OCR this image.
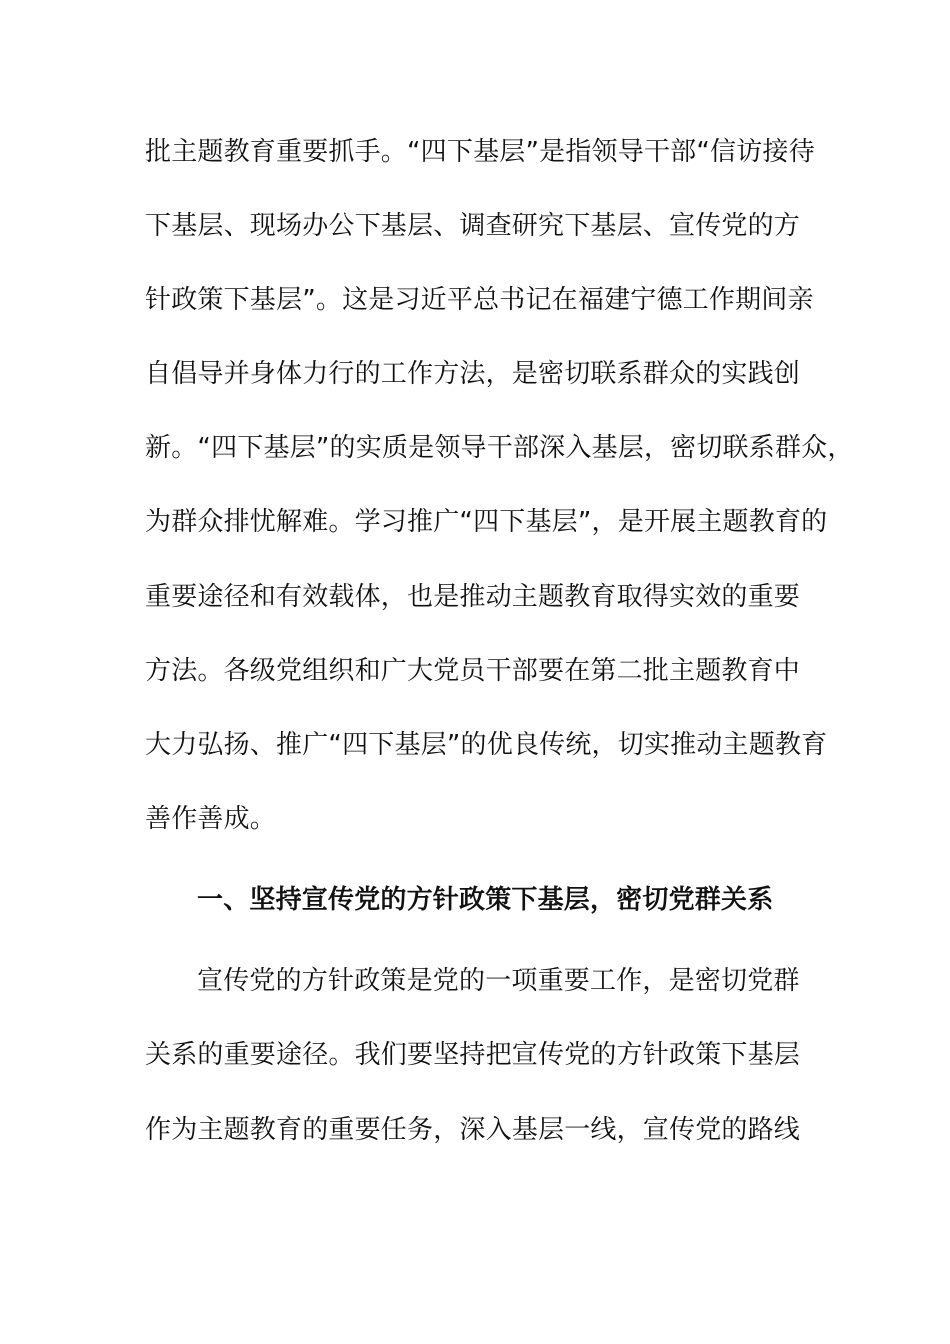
批主题教育重要抓手。“四下基层”是指领导干部“信访接待
下基层、现场办公下基层、调查研究下基层、宣传党的方
针政策下基层”。这是习近平总书记在福建宁德工作期间亲
自倡导并身体力行的工作方法，是密切联系群众的实践创
新。“四下基层”的实质是领导干部深入基层，密切联系群众，
为群众排忧解难。学习推广“四下基层”，是开展主题教育的
重要途径和有效载体，也是推动主题教育取得实效的重要
方法。各级党组织和广大党员干部要在第二批主题教育中
大力弘扬、推广“四下基层”的优良传统，切实推动主题教育
善作善成。
一、坚持宣传党的方针政策下基层，密切党群关系
宣传党的方针政策是党的一项重要工作，是密切党群
关系的重要途径。我们要坚持把宣传党的方针政策下基层
作为主题教育的重要任务，深入基层一线，宣传党的路线
